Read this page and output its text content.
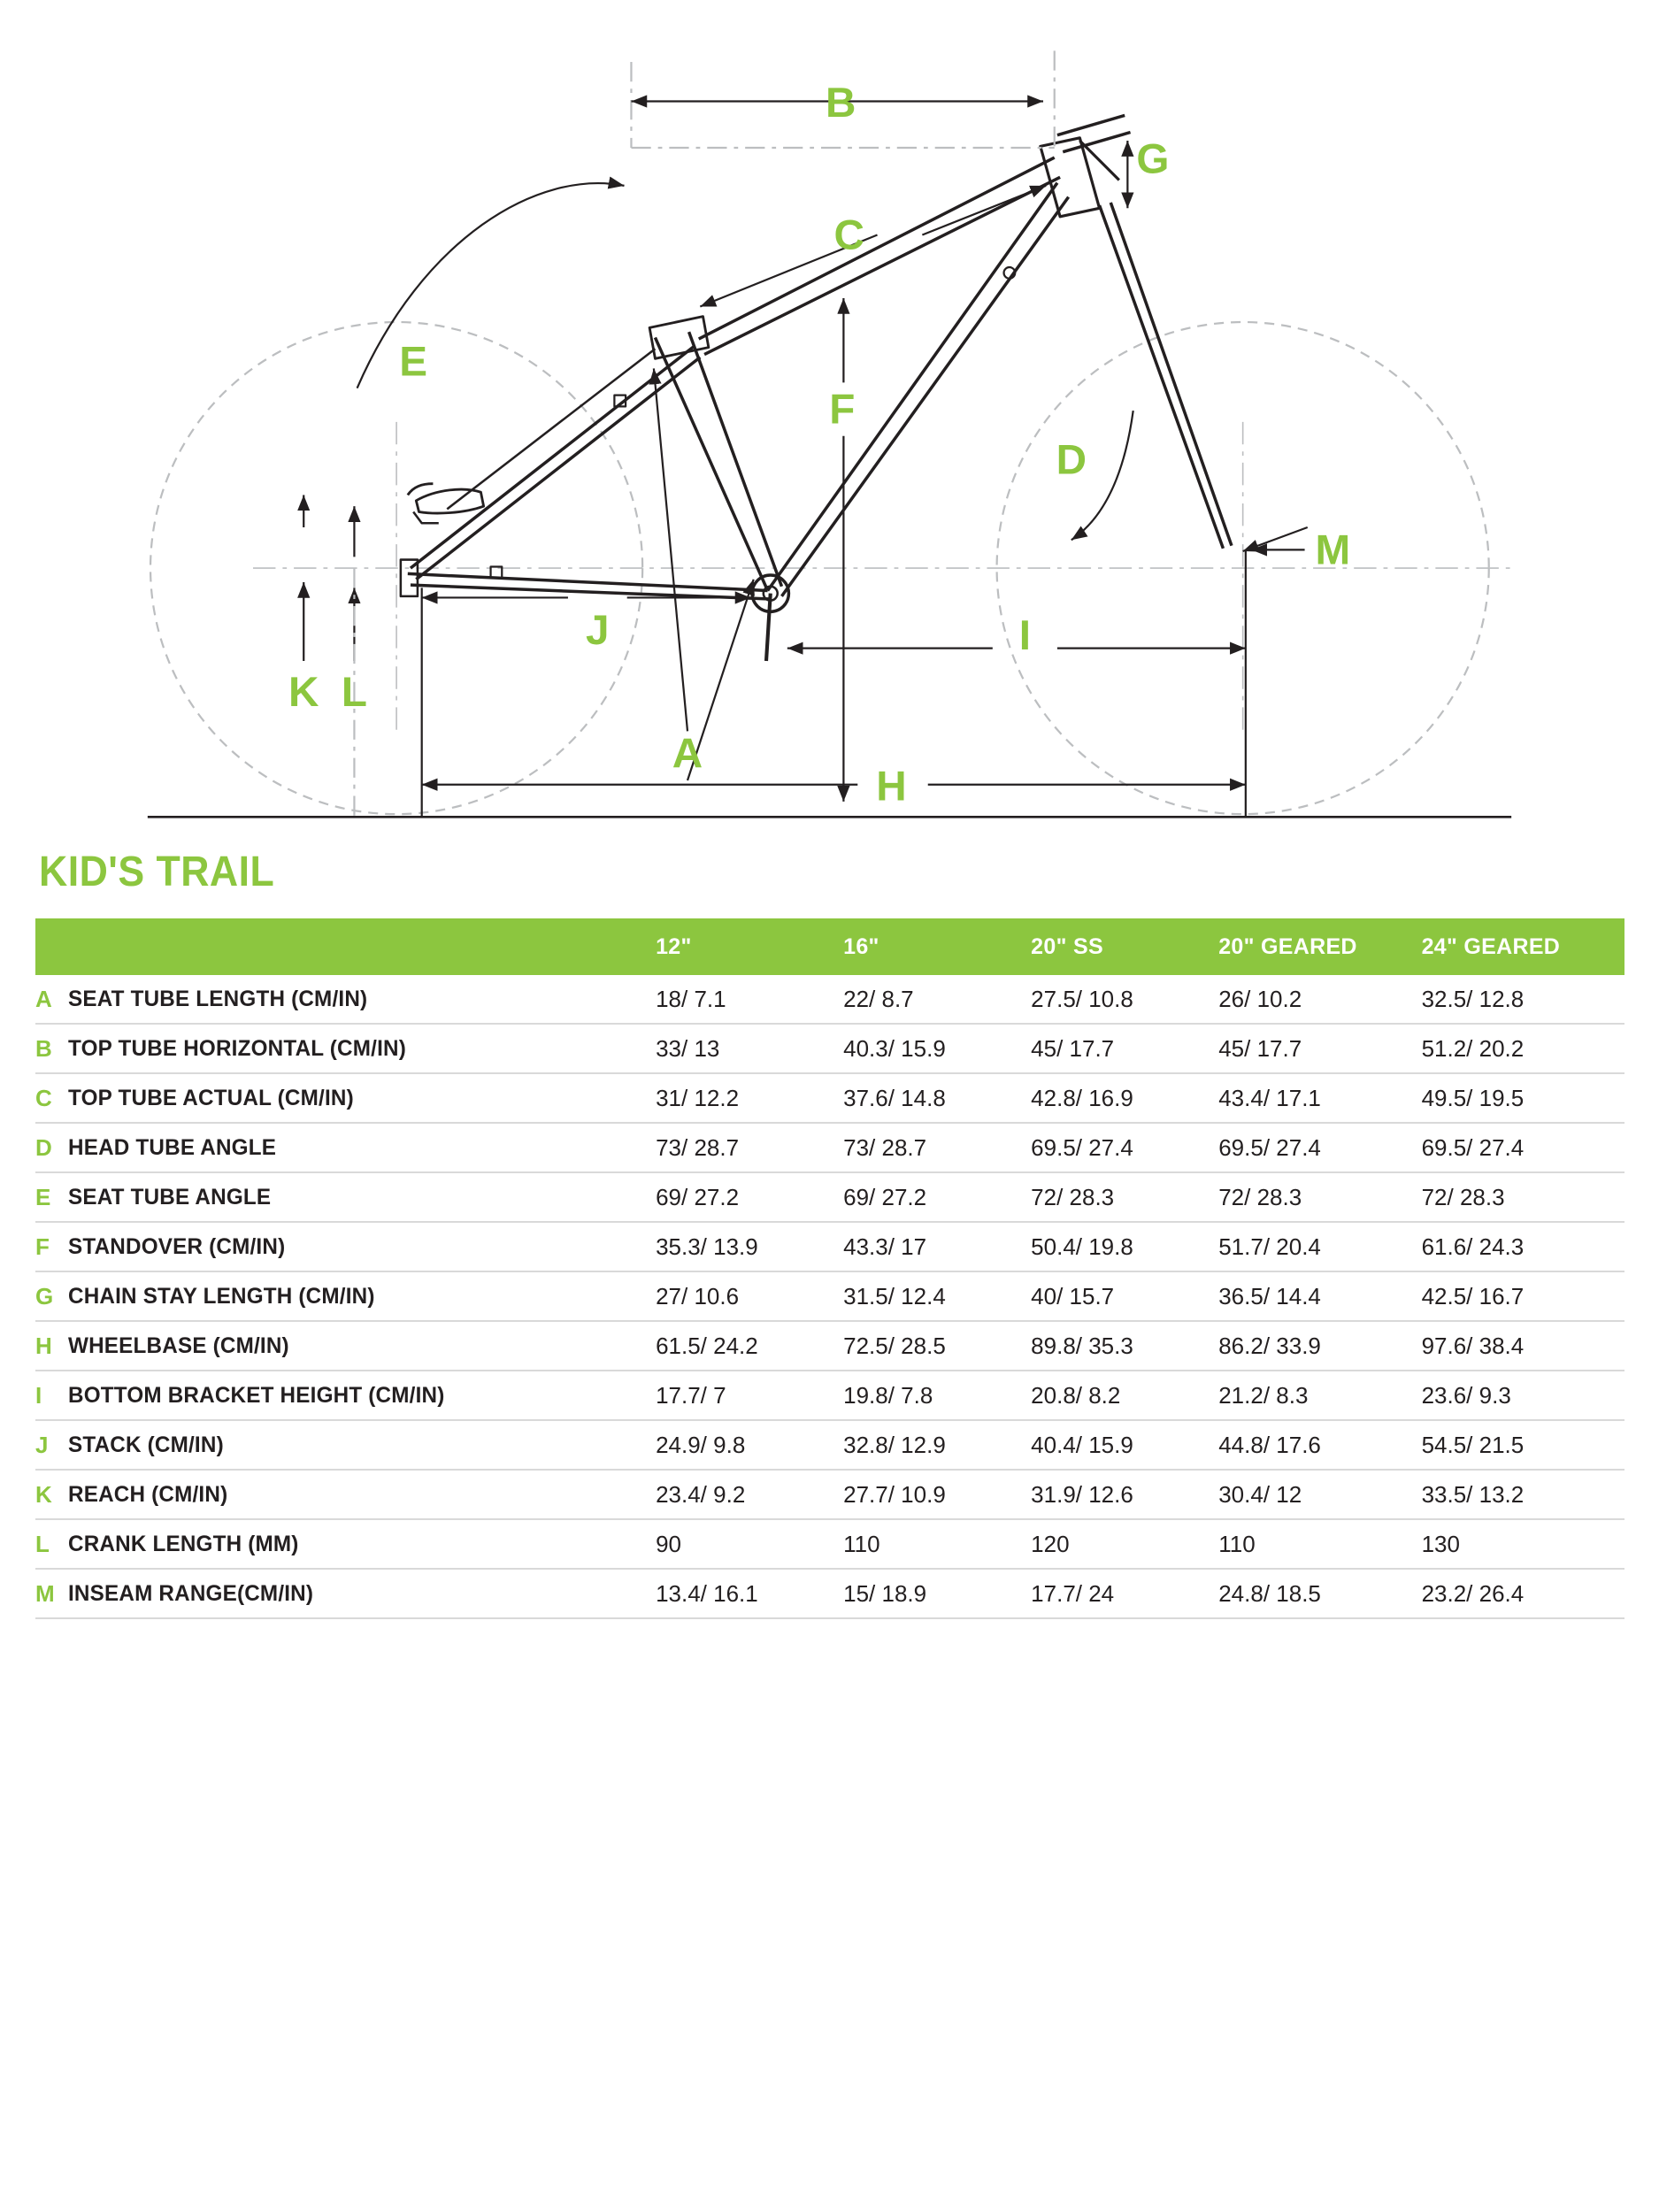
A
B
C
D
E
F
G
H
I
J
K L
M
KID'S TRAIL
		12"	16"	20" SS	20" GEARED	24" GEARED
A	SEAT TUBE LENGTH (CM/IN)	18/ 7.1	22/ 8.7	27.5/ 10.8	26/ 10.2	32.5/ 12.8
B	TOP TUBE HORIZONTAL (CM/IN)	33/ 13	40.3/ 15.9	45/ 17.7	45/ 17.7	51.2/ 20.2
C	TOP TUBE ACTUAL (CM/IN)	31/ 12.2	37.6/ 14.8	42.8/ 16.9	43.4/ 17.1	49.5/ 19.5
D	HEAD TUBE ANGLE	73/ 28.7	73/ 28.7	69.5/ 27.4	69.5/ 27.4	69.5/ 27.4
E	SEAT TUBE ANGLE	69/ 27.2	69/ 27.2	72/ 28.3	72/ 28.3	72/ 28.3
F	STANDOVER (CM/IN)	35.3/ 13.9	43.3/ 17	50.4/ 19.8	51.7/ 20.4	61.6/ 24.3
G	CHAIN STAY LENGTH (CM/IN)	27/ 10.6	31.5/ 12.4	40/ 15.7	36.5/ 14.4	42.5/ 16.7
H	WHEELBASE (CM/IN)	61.5/ 24.2	72.5/ 28.5	89.8/ 35.3	86.2/ 33.9	97.6/ 38.4
I	BOTTOM BRACKET HEIGHT (CM/IN)	17.7/ 7	19.8/ 7.8	20.8/ 8.2	21.2/ 8.3	23.6/ 9.3
J	STACK (CM/IN)	24.9/ 9.8	32.8/ 12.9	40.4/ 15.9	44.8/ 17.6	54.5/ 21.5
K	REACH (CM/IN)	23.4/ 9.2	27.7/ 10.9	31.9/ 12.6	30.4/ 12	33.5/ 13.2
L	CRANK LENGTH (MM)	90	110	120	110	130
M	INSEAM RANGE(CM/IN)	13.4/ 16.1	15/ 18.9	17.7/ 24	24.8/ 18.5	23.2/ 26.4
